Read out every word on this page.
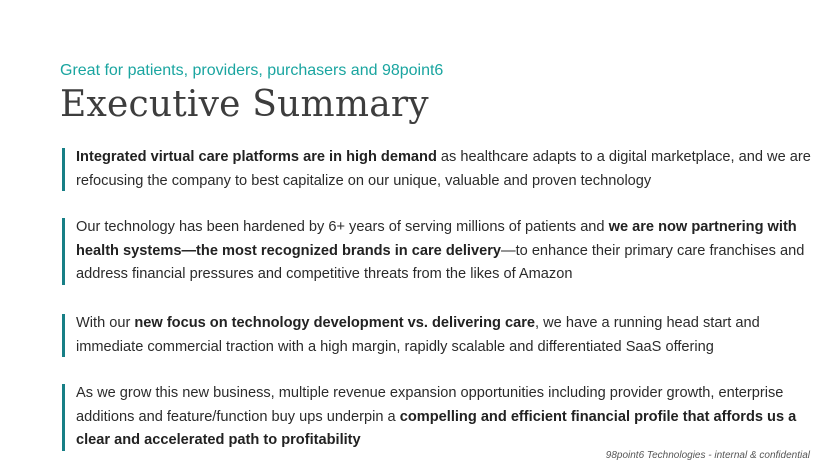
Great for patients, providers, purchasers and 98point6
Executive Summary
Integrated virtual care platforms are in high demand as healthcare adapts to a digital marketplace, and we are refocusing the company to best capitalize on our unique, valuable and proven technology
Our technology has been hardened by 6+ years of serving millions of patients and we are now partnering with health systems—the most recognized brands in care delivery—to enhance their primary care franchises and address financial pressures and competitive threats from the likes of Amazon
With our new focus on technology development vs. delivering care, we have a running head start and immediate commercial traction with a high margin, rapidly scalable and differentiated SaaS offering
As we grow this new business, multiple revenue expansion opportunities including provider growth, enterprise additions and feature/function buy ups underpin a compelling and efficient financial profile that affords us a clear and accelerated path to profitability
98point6 Technologies - internal & confidential
